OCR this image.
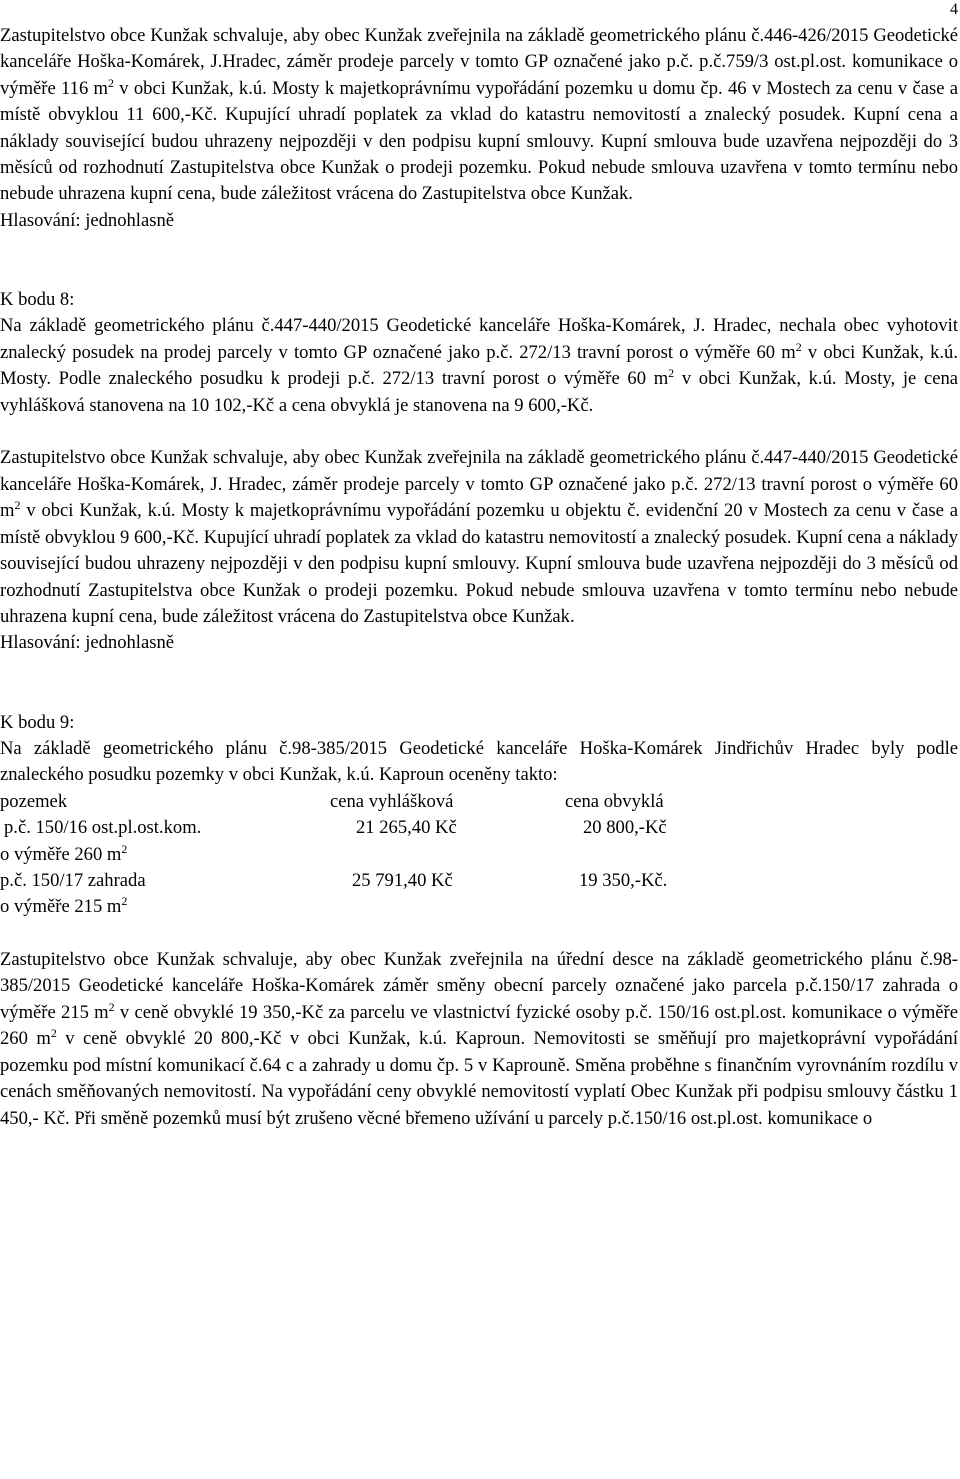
4

Zastupitelstvo obce Kunžak schvaluje, aby obec Kunžak zveřejnila na základě geometrického plánu č.446-426/2015 Geodetické kanceláře Hoška-Komárek, J.Hradec, záměr prodeje parcely v tomto GP označené jako p.č. p.č.759/3 ost.pl.ost. komunikace o výměře 116 $m^2$ v obci Kunžak, k.ú. Mosty k majetkoprávnímu vypořádání pozemku u domu čp. 46 v Mostech za cenu v čase a místě obvyklou 11 600,-Kč. Kupující uhradí poplatek za vklad do katastru nemovitostí a znalecký posudek. Kupní cena a náklady související budou uhrazeny nejpozději v den podpisu kupní smlouvy. Kupní smlouva bude uzavřena nejpozději do 3 měsíců od rozhodnutí Zastupitelstva obce Kunžak o prodeji pozemku. Pokud nebude smlouva uzavřena v tomto termínu nebo nebude uhrazena kupní cena, bude záležitost vrácena do Zastupitelstva obce Kunžak.

Hlasování: jednohlasně

K bodu 8:

Na základě geometrického plánu č.447-440/2015 Geodetické kanceláře Hoška-Komárek, J. Hradec, nechala obec vyhotovit znalecký posudek na prodej parcely v tomto GP označené jako p.č. 272/13 travní porost o výměře 60 $m^2$ v obci Kunžak, k.ú. Mosty. Podle znaleckého posudku k prodeji p.č. 272/13 travní porost o výměře 60 $m^2$ v obci Kunžak, k.ú. Mosty, je cena vyhlášková stanovena na 10 102,-Kč a cena obvyklá je stanovena na 9 600,-Kč.

Zastupitelstvo obce Kunžak schvaluje, aby obec Kunžak zveřejnila na základě geometrického plánu č.447-440/2015 Geodetické kanceláře Hoška-Komárek, J. Hradec, záměr prodeje parcely v tomto GP označené jako p.č. 272/13 travní porost o výměře 60 $m^2$ v obci Kunžak, k.ú. Mosty k majetkoprávnímu vypořádání pozemku u objektu č. evidenční 20 v Mostech za cenu v čase a místě obvyklou 9 600,-Kč. Kupující uhradí poplatek za vklad do katastru nemovitostí a znalecký posudek. Kupní cena a náklady související budou uhrazeny nejpozději v den podpisu kupní smlouvy. Kupní smlouva bude uzavřena nejpozději do 3 měsíců od rozhodnutí Zastupitelstva obce Kunžak o prodeji pozemku. Pokud nebude smlouva uzavřena v tomto termínu nebo nebude uhrazena kupní cena, bude záležitost vrácena do Zastupitelstva obce Kunžak.

Hlasování: jednohlasně

K bodu 9:

Na základě geometrického plánu č.98-385/2015 Geodetické kanceláře Hoška-Komárek Jindřichův Hradec byly podle znaleckého posudku pozemky v obci Kunžak, k.ú. Kaproun oceněny takto:

pozemek	cena vyhlášková	cena obvyklá
p.č. 150/16 ost.pl.ost.kom.	21 265,40 Kč	20 800,-Kč
o výměře 260 $m^2$
p.č. 150/17 zahrada	25 791,40 Kč	19 350,-Kč.
o výměře 215 $m^2$

Zastupitelstvo obce Kunžak schvaluje, aby obec Kunžak zveřejnila na úřední desce na základě geometrického plánu č.98-385/2015 Geodetické kanceláře Hoška-Komárek záměr směny obecní parcely označené jako parcela p.č.150/17 zahrada o výměře 215 $m^2$ v ceně obvyklé 19 350,-Kč za parcelu ve vlastnictví fyzické osoby p.č. 150/16 ost.pl.ost. komunikace o výměře 260 $m^2$ v ceně obvyklé 20 800,-Kč v obci Kunžak, k.ú. Kaproun. Nemovitosti se směňují pro majetkoprávní vypořádání pozemku pod místní komunikací č.64 c a zahrady u domu čp. 5 v Kaprouně. Směna proběhne s finančním vyrovnáním rozdílu v cenách směňovaných nemovitostí. Na vypořádání ceny obvyklé nemovitostí vyplatí Obec Kunžak při podpisu smlouvy částku 1 450,- Kč. Při směně pozemků musí být zrušeno věcné břemeno užívání u parcely p.č.150/16 ost.pl.ost. komunikace o
